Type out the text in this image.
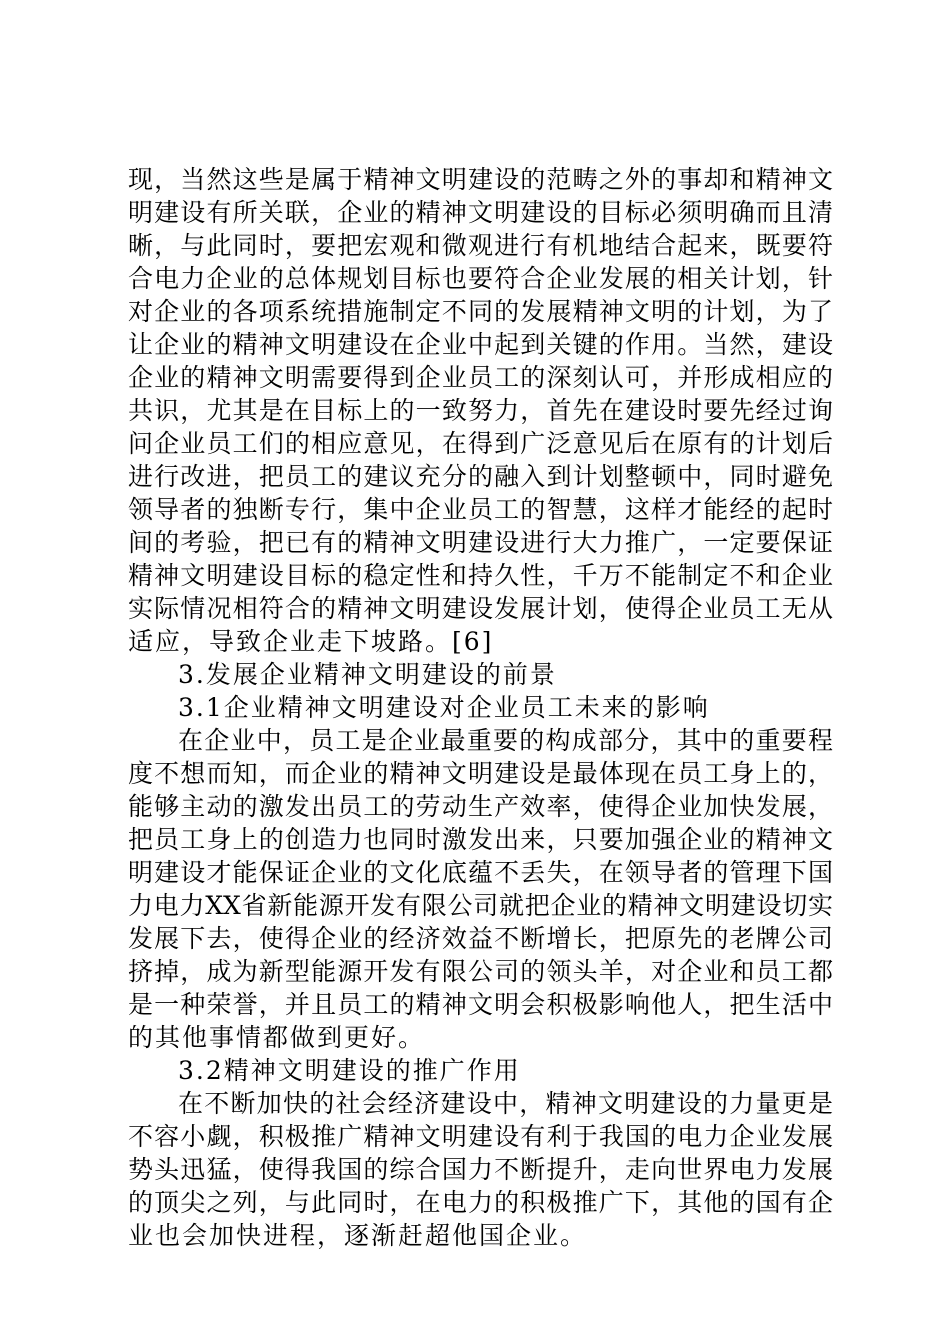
现，当然这些是属于精神文明建设的范畴之外的事却和精神文
明建设有所关联，企业的精神文明建设的目标必须明确而且清
晰，与此同时，要把宏观和微观进行有机地结合起来，既要符
合电力企业的总体规划目标也要符合企业发展的相关计划，针
对企业的各项系统措施制定不同的发展精神文明的计划，为了
让企业的精神文明建设在企业中起到关键的作用。当然，建设
企业的精神文明需要得到企业员工的深刻认可，并形成相应的
共识，尤其是在目标上的一致努力，首先在建设时要先经过询
问企业员工们的相应意见，在得到广泛意见后在原有的计划后
进行改进，把员工的建议充分的融入到计划整顿中，同时避免
领导者的独断专行，集中企业员工的智慧，这样才能经的起时
间的考验，把已有的精神文明建设进行大力推广，一定要保证
精神文明建设目标的稳定性和持久性，千万不能制定不和企业
实际情况相符合的精神文明建设发展计划，使得企业员工无从
适应，导致企业走下坡路。[6]
3.发展企业精神文明建设的前景
3.1企业精神文明建设对企业员工未来的影响
在企业中，员工是企业最重要的构成部分，其中的重要程
度不想而知，而企业的精神文明建设是最体现在员工身上的，
能够主动的激发出员工的劳动生产效率，使得企业加快发展，
把员工身上的创造力也同时激发出来，只要加强企业的精神文
明建设才能保证企业的文化底蕴不丢失，在领导者的管理下国
力电力XX省新能源开发有限公司就把企业的精神文明建设切实
发展下去，使得企业的经济效益不断增长，把原先的老牌公司
挤掉，成为新型能源开发有限公司的领头羊，对企业和员工都
是一种荣誉，并且员工的精神文明会积极影响他人，把生活中
的其他事情都做到更好。
3.2精神文明建设的推广作用
在不断加快的社会经济建设中，精神文明建设的力量更是
不容小觑，积极推广精神文明建设有利于我国的电力企业发展
势头迅猛，使得我国的综合国力不断提升，走向世界电力发展
的顶尖之列，与此同时，在电力的积极推广下，其他的国有企
业也会加快进程，逐渐赶超他国企业。
